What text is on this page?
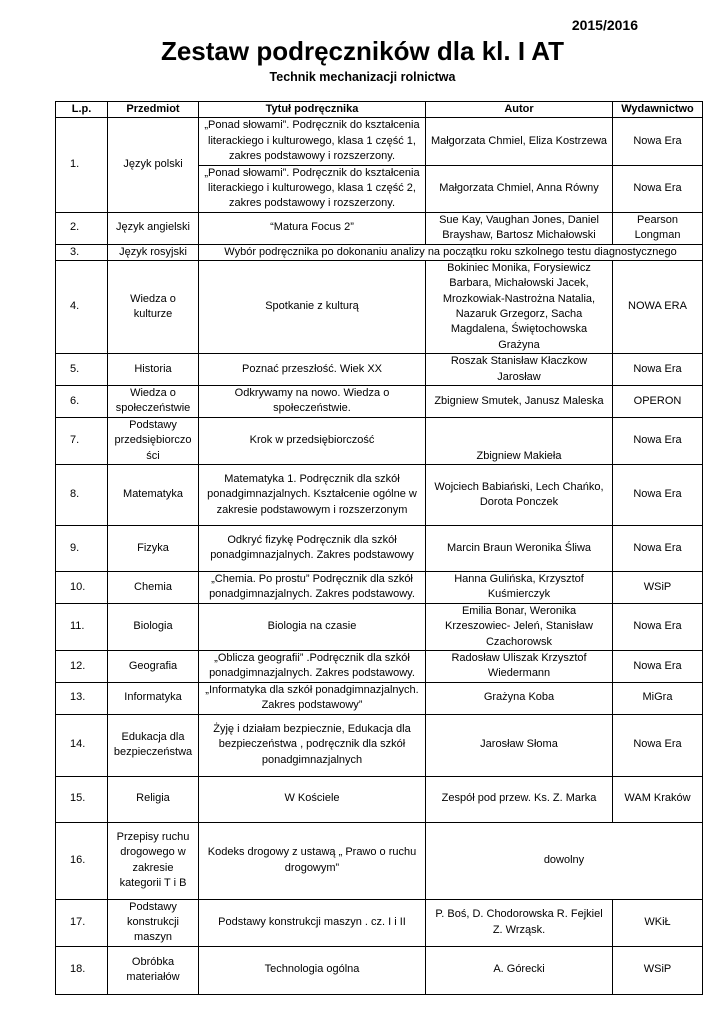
2015/2016
Zestaw podręczników dla kl. I AT
Technik mechanizacji rolnictwa
L.p.	Przedmiot	Tytuł podręcznika	Autor	Wydawnictwo
1.	Język polski	„Ponad słowami”. Podręcznik do kształcenia literackiego i kulturowego, klasa 1 część 1, zakres podstawowy i rozszerzony.	Małgorzata Chmiel, Eliza Kostrzewa	Nowa Era
		„Ponad słowami”. Podręcznik do kształcenia literackiego i kulturowego, klasa 1 część 2, zakres podstawowy i rozszerzony.	Małgorzata Chmiel, Anna Równy	Nowa Era
2.	Język angielski	“Matura Focus 2”	Sue Kay, Vaughan Jones, Daniel Brayshaw, Bartosz Michałowski	Pearson Longman
3.	Język rosyjski	Wybór podręcznika po dokonaniu analizy na początku roku szkolnego testu diagnostycznego		
4.	Wiedza o kulturze	Spotkanie z kulturą	Bokiniec Monika, Forysiewicz Barbara, Michałowski Jacek, Mrozkowiak-Nastrożna Natalia, Nazaruk Grzegorz, Sacha Magdalena, Świętochowska Grażyna	NOWA ERA
5.	Historia	Poznać przeszłość. Wiek XX	Roszak Stanisław Kłaczkow Jarosław	Nowa Era
6.	Wiedza o społeczeństwie	Odkrywamy na nowo. Wiedza o społeczeństwie.	Zbigniew Smutek, Janusz Maleska	OPERON
7.	Podstawy przedsiębiorczo ści	Krok w przedsiębiorczość	Zbigniew Makieła	Nowa Era
8.	Matematyka	Matematyka 1. Podręcznik dla szkół ponadgimnazjalnych. Kształcenie ogólne w zakresie podstawowym i rozszerzonym	Wojciech Babiański, Lech Chańko, Dorota Ponczek	Nowa Era
9.	Fizyka	Odkryć fizykę Podręcznik dla szkół ponadgimnazjalnych. Zakres podstawowy	Marcin Braun Weronika Śliwa	Nowa Era
10.	Chemia	„Chemia. Po prostu” Podręcznik dla szkół ponadgimnazjalnych. Zakres podstawowy.	Hanna Gulińska, Krzysztof Kuśmierczyk	WSiP
11.	Biologia	Biologia na czasie	Emilia Bonar, Weronika Krzeszowiec- Jeleń, Stanisław Czachorowsk	Nowa Era
12.	Geografia	„Oblicza geografii” .Podręcznik dla szkół ponadgimnazjalnych. Zakres podstawowy.	Radosław Uliszak Krzysztof Wiedermann	Nowa Era
13.	Informatyka	„Informatyka dla szkół ponadgimnazjalnych. Zakres podstawowy”	Grażyna Koba	MiGra
14.	Edukacja dla bezpieczeństwa	Żyję i działam bezpiecznie, Edukacja dla bezpieczeństwa , podręcznik dla szkół ponadgimnazjalnych	Jarosław Słoma	Nowa Era
15.	Religia	W Kościele	Zespół pod przew. Ks. Z. Marka	WAM Kraków
16.	Przepisy ruchu drogowego w zakresie kategorii T i B	Kodeks drogowy z ustawą „ Prawo o ruchu drogowym”	dowolny	
17.	Podstawy konstrukcji maszyn	Podstawy konstrukcji maszyn . cz. I i II	P. Boś, D. Chodorowska R. Fejkiel Z. Wrząsk.	WKiŁ
18.	Obróbka materiałów	Technologia ogólna	A. Górecki	WSiP
